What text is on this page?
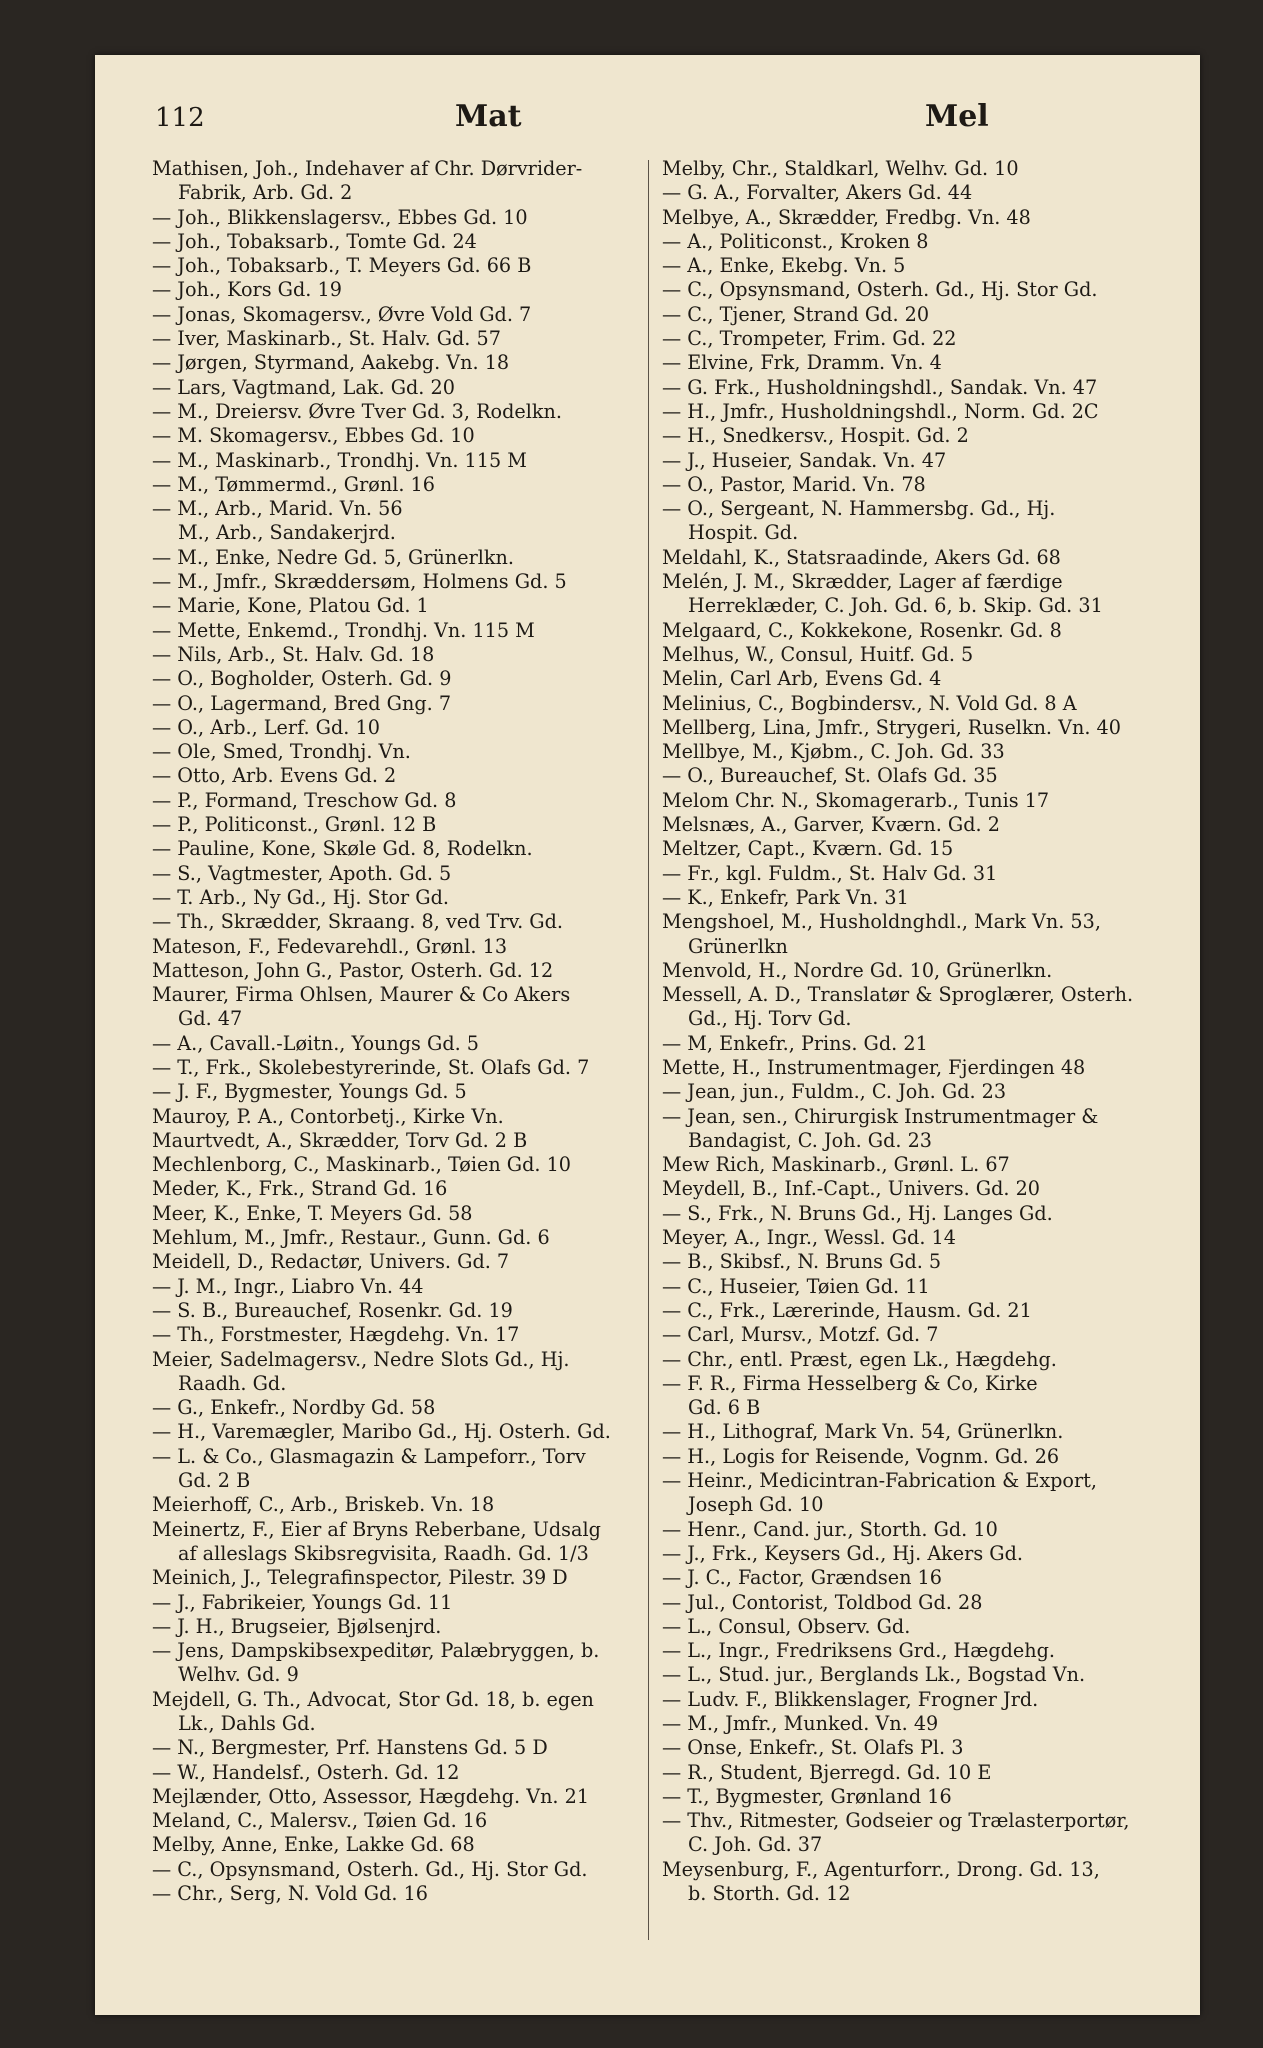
112	Mat	Mel
Mathisen, Joh., Indehaver af Chr. Dørvrider-
Fabrik, Arb. Gd. 2
— Joh., Blikkenslagersv., Ebbes Gd. 10
— Joh., Tobaksarb., Tomte Gd. 24
— Joh., Tobaksarb., T. Meyers Gd. 66 B
— Joh., Kors Gd. 19
— Jonas, Skomagersv., Øvre Vold Gd. 7
— Iver, Maskinarb., St. Halv. Gd. 57
— Jørgen, Styrmand, Aakebg. Vn. 18
— Lars, Vagtmand, Lak. Gd. 20
— M., Dreiersv. Øvre Tver Gd. 3, Rodelkn.
— M. Skomagersv., Ebbes Gd. 10
— M., Maskinarb., Trondhj. Vn. 115 M
— M., Tømmermd., Grønl. 16
— M., Arb., Marid. Vn. 56
M., Arb., Sandakerjrd.
— M., Enke, Nedre Gd. 5, Grünerlkn.
— M., Jmfr., Skræddersøm, Holmens Gd. 5
— Marie, Kone, Platou Gd. 1
— Mette, Enkemd., Trondhj. Vn. 115 M
— Nils, Arb., St. Halv. Gd. 18
— O., Bogholder, Osterh. Gd. 9
— O., Lagermand, Bred Gng. 7
— O., Arb., Lerf. Gd. 10
— Ole, Smed, Trondhj. Vn.
— Otto, Arb. Evens Gd. 2
— P., Formand, Treschow Gd. 8
— P., Politiconst., Grønl. 12 B
— Pauline, Kone, Skøle Gd. 8, Rodelkn.
— S., Vagtmester, Apoth. Gd. 5
— T. Arb., Ny Gd., Hj. Stor Gd.
— Th., Skrædder, Skraang. 8, ved Trv. Gd.
Mateson, F., Fedevarehdl., Grønl. 13
Matteson, John G., Pastor, Osterh. Gd. 12
Maurer, Firma Ohlsen, Maurer & Co Akers
Gd. 47
— A., Cavall.-Løitn., Youngs Gd. 5
— T., Frk., Skolebestyrerinde, St. Olafs Gd. 7
— J. F., Bygmester, Youngs Gd. 5
Mauroy, P. A., Contorbetj., Kirke Vn.
Maurtvedt, A., Skrædder, Torv Gd. 2 B
Mechlenborg, C., Maskinarb., Tøien Gd. 10
Meder, K., Frk., Strand Gd. 16
Meer, K., Enke, T. Meyers Gd. 58
Mehlum, M., Jmfr., Restaur., Gunn. Gd. 6
Meidell, D., Redactør, Univers. Gd. 7
— J. M., Ingr., Liabro Vn. 44
— S. B., Bureauchef, Rosenkr. Gd. 19
— Th., Forstmester, Hægdehg. Vn. 17
Meier, Sadelmagersv., Nedre Slots Gd., Hj.
Raadh. Gd.
— G., Enkefr., Nordby Gd. 58
— H., Varemægler, Maribo Gd., Hj. Osterh. Gd.
— L. & Co., Glasmagazin & Lampeforr., Torv
Gd. 2 B
Meierhoff, C., Arb., Briskeb. Vn. 18
Meinertz, F., Eier af Bryns Reberbane, Udsalg
af alleslags Skibsregvisita, Raadh. Gd. 1/3
Meinich, J., Telegrafinspector, Pilestr. 39 D
— J., Fabrikeier, Youngs Gd. 11
— J. H., Brugseier, Bjølsenjrd.
— Jens, Dampskibsexpeditør, Palæbryggen, b.
Welhv. Gd. 9
Mejdell, G. Th., Advocat, Stor Gd. 18, b. egen
Lk., Dahls Gd.
— N., Bergmester, Prf. Hanstens Gd. 5 D
— W., Handelsf., Osterh. Gd. 12
Mejlænder, Otto, Assessor, Hægdehg. Vn. 21
Meland, C., Malersv., Tøien Gd. 16
Melby, Anne, Enke, Lakke Gd. 68
— C., Opsynsmand, Osterh. Gd., Hj. Stor Gd.
— Chr., Serg, N. Vold Gd. 16
Melby, Chr., Staldkarl, Welhv. Gd. 10
— G. A., Forvalter, Akers Gd. 44
Melbye, A., Skrædder, Fredbg. Vn. 48
— A., Politiconst., Kroken 8
— A., Enke, Ekebg. Vn. 5
— C., Opsynsmand, Osterh. Gd., Hj. Stor Gd.
— C., Tjener, Strand Gd. 20
— C., Trompeter, Frim. Gd. 22
— Elvine, Frk, Dramm. Vn. 4
— G. Frk., Husholdningshdl., Sandak. Vn. 47
— H., Jmfr., Husholdningshdl., Norm. Gd. 2C
— H., Snedkersv., Hospit. Gd. 2
— J., Huseier, Sandak. Vn. 47
— O., Pastor, Marid. Vn. 78
— O., Sergeant, N. Hammersbg. Gd., Hj.
Hospit. Gd.
Meldahl, K., Statsraadinde, Akers Gd. 68
Melén, J. M., Skrædder, Lager af færdige
Herreklæder, C. Joh. Gd. 6, b. Skip. Gd. 31
Melgaard, C., Kokkekone, Rosenkr. Gd. 8
Melhus, W., Consul, Huitf. Gd. 5
Melin, Carl Arb, Evens Gd. 4
Melinius, C., Bogbindersv., N. Vold Gd. 8 A
Mellberg, Lina, Jmfr., Strygeri, Ruselkn. Vn. 40
Mellbye, M., Kjøbm., C. Joh. Gd. 33
— O., Bureauchef, St. Olafs Gd. 35
Melom Chr. N., Skomagerarb., Tunis 17
Melsnæs, A., Garver, Kværn. Gd. 2
Meltzer, Capt., Kværn. Gd. 15
— Fr., kgl. Fuldm., St. Halv Gd. 31
— K., Enkefr, Park Vn. 31
Mengshoel, M., Husholdnghdl., Mark Vn. 53,
Grünerlkn
Menvold, H., Nordre Gd. 10, Grünerlkn.
Messell, A. D., Translatør & Sproglærer, Osterh.
Gd., Hj. Torv Gd.
— M, Enkefr., Prins. Gd. 21
Mette, H., Instrumentmager, Fjerdingen 48
— Jean, jun., Fuldm., C. Joh. Gd. 23
— Jean, sen., Chirurgisk Instrumentmager &
Bandagist, C. Joh. Gd. 23
Mew Rich, Maskinarb., Grønl. L. 67
Meydell, B., Inf.-Capt., Univers. Gd. 20
— S., Frk., N. Bruns Gd., Hj. Langes Gd.
Meyer, A., Ingr., Wessl. Gd. 14
— B., Skibsf., N. Bruns Gd. 5
— C., Huseier, Tøien Gd. 11
— C., Frk., Lærerinde, Hausm. Gd. 21
— Carl, Mursv., Motzf. Gd. 7
— Chr., entl. Præst, egen Lk., Hægdehg.
— F. R., Firma Hesselberg & Co, Kirke
Gd. 6 B
— H., Lithograf, Mark Vn. 54, Grünerlkn.
— H., Logis for Reisende, Vognm. Gd. 26
— Heinr., Medicintran-Fabrication & Export,
Joseph Gd. 10
— Henr., Cand. jur., Storth. Gd. 10
— J., Frk., Keysers Gd., Hj. Akers Gd.
— J. C., Factor, Grændsen 16
— Jul., Contorist, Toldbod Gd. 28
— L., Consul, Observ. Gd.
— L., Ingr., Fredriksens Grd., Hægdehg.
— L., Stud. jur., Berglands Lk., Bogstad Vn.
— Ludv. F., Blikkenslager, Frogner Jrd.
— M., Jmfr., Munked. Vn. 49
— Onse, Enkefr., St. Olafs Pl. 3
— R., Student, Bjerregd. Gd. 10 E
— T., Bygmester, Grønland 16
— Thv., Ritmester, Godseier og Trælasterportør,
C. Joh. Gd. 37
Meysenburg, F., Agenturforr., Drong. Gd. 13,
b. Storth. Gd. 12
